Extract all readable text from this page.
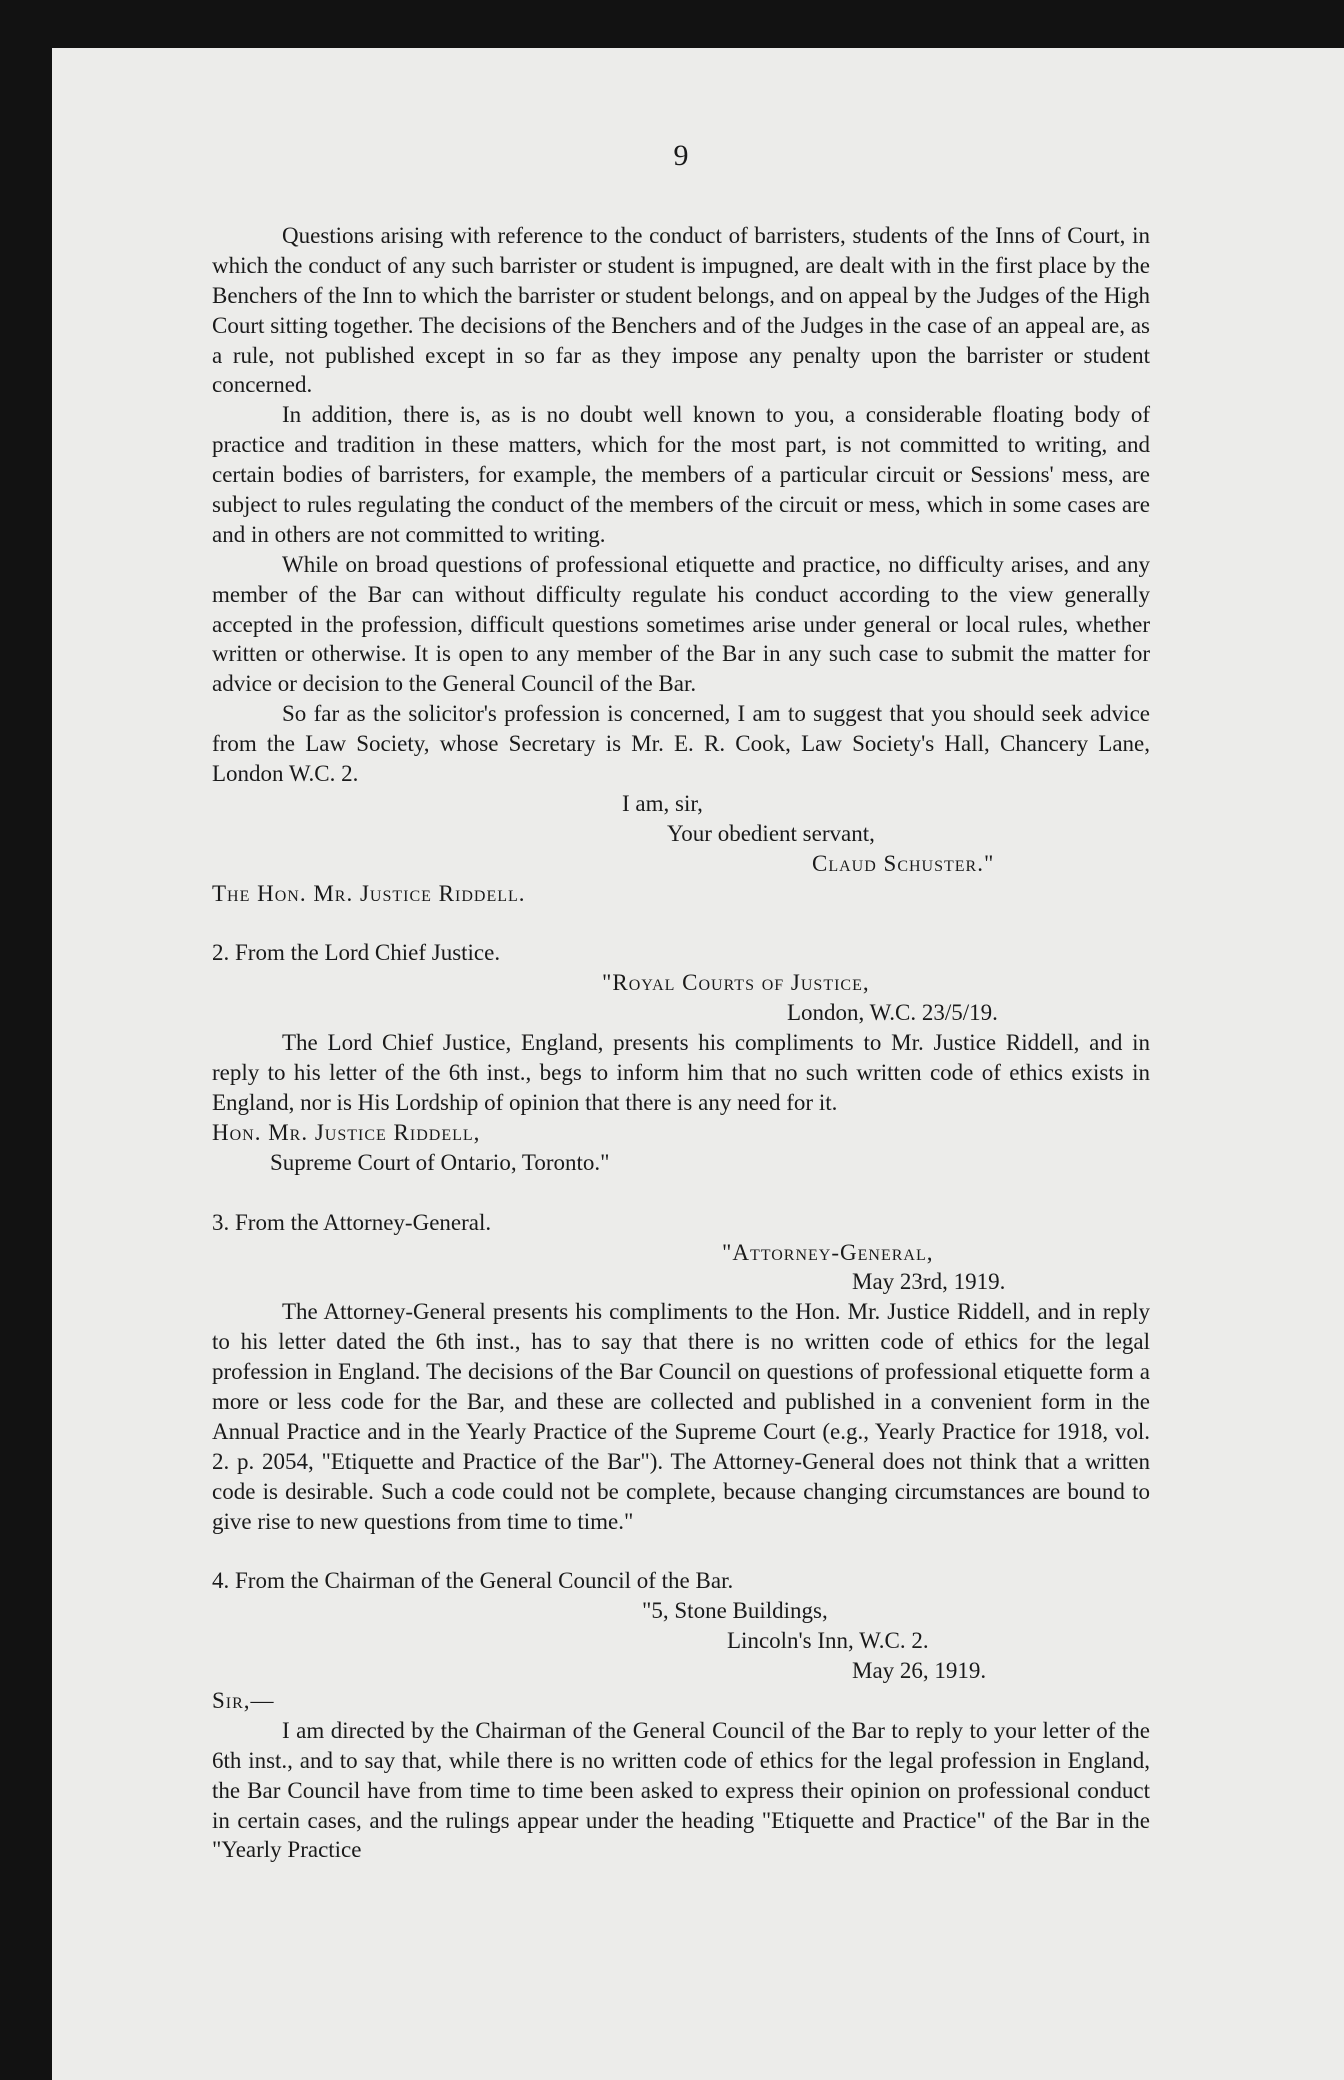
9

Questions arising with reference to the conduct of barristers, students of the Inns of Court, in which the conduct of any such barrister or student is impugned, are dealt with in the first place by the Benchers of the Inn to which the barrister or student belongs, and on appeal by the Judges of the High Court sitting together. The decisions of the Benchers and of the Judges in the case of an appeal are, as a rule, not published except in so far as they impose any penalty upon the barrister or student concerned.

In addition, there is, as is no doubt well known to you, a considerable floating body of practice and tradition in these matters, which for the most part, is not committed to writing, and certain bodies of barristers, for example, the members of a particular circuit or Sessions' mess, are subject to rules regulating the conduct of the members of the circuit or mess, which in some cases are and in others are not committed to writing.

While on broad questions of professional etiquette and practice, no difficulty arises, and any member of the Bar can without difficulty regulate his conduct according to the view generally accepted in the profession, difficult questions sometimes arise under general or local rules, whether written or otherwise. It is open to any member of the Bar in any such case to submit the matter for advice or decision to the General Council of the Bar.

So far as the solicitor's profession is concerned, I am to suggest that you should seek advice from the Law Society, whose Secretary is Mr. E. R. Cook, Law Society's Hall, Chancery Lane, London W.C. 2.

I am, sir,

Your obedient servant,

Claud Schuster."

The Hon. Mr. Justice Riddell.

2. From the Lord Chief Justice.

"Royal Courts of Justice,

London, W.C. 23/5/19.

The Lord Chief Justice, England, presents his compliments to Mr. Justice Riddell, and in reply to his letter of the 6th inst., begs to inform him that no such written code of ethics exists in England, nor is His Lordship of opinion that there is any need for it.

Hon. Mr. Justice Riddell,

Supreme Court of Ontario, Toronto."

3. From the Attorney-General.

"Attorney-General,

May 23rd, 1919.

The Attorney-General presents his compliments to the Hon. Mr. Justice Riddell, and in reply to his letter dated the 6th inst., has to say that there is no written code of ethics for the legal profession in England. The decisions of the Bar Council on questions of professional etiquette form a more or less code for the Bar, and these are collected and published in a convenient form in the Annual Practice and in the Yearly Practice of the Supreme Court (e.g., Yearly Practice for 1918, vol. 2. p. 2054, "Etiquette and Practice of the Bar"). The Attorney-General does not think that a written code is desirable. Such a code could not be complete, because changing circumstances are bound to give rise to new questions from time to time."

4. From the Chairman of the General Council of the Bar.

"5, Stone Buildings,

Lincoln's Inn, W.C. 2.

May 26, 1919.

Sir,—

I am directed by the Chairman of the General Council of the Bar to reply to your letter of the 6th inst., and to say that, while there is no written code of ethics for the legal profession in England, the Bar Council have from time to time been asked to express their opinion on professional conduct in certain cases, and the rulings appear under the heading "Etiquette and Practice" of the Bar in the "Yearly Practice
